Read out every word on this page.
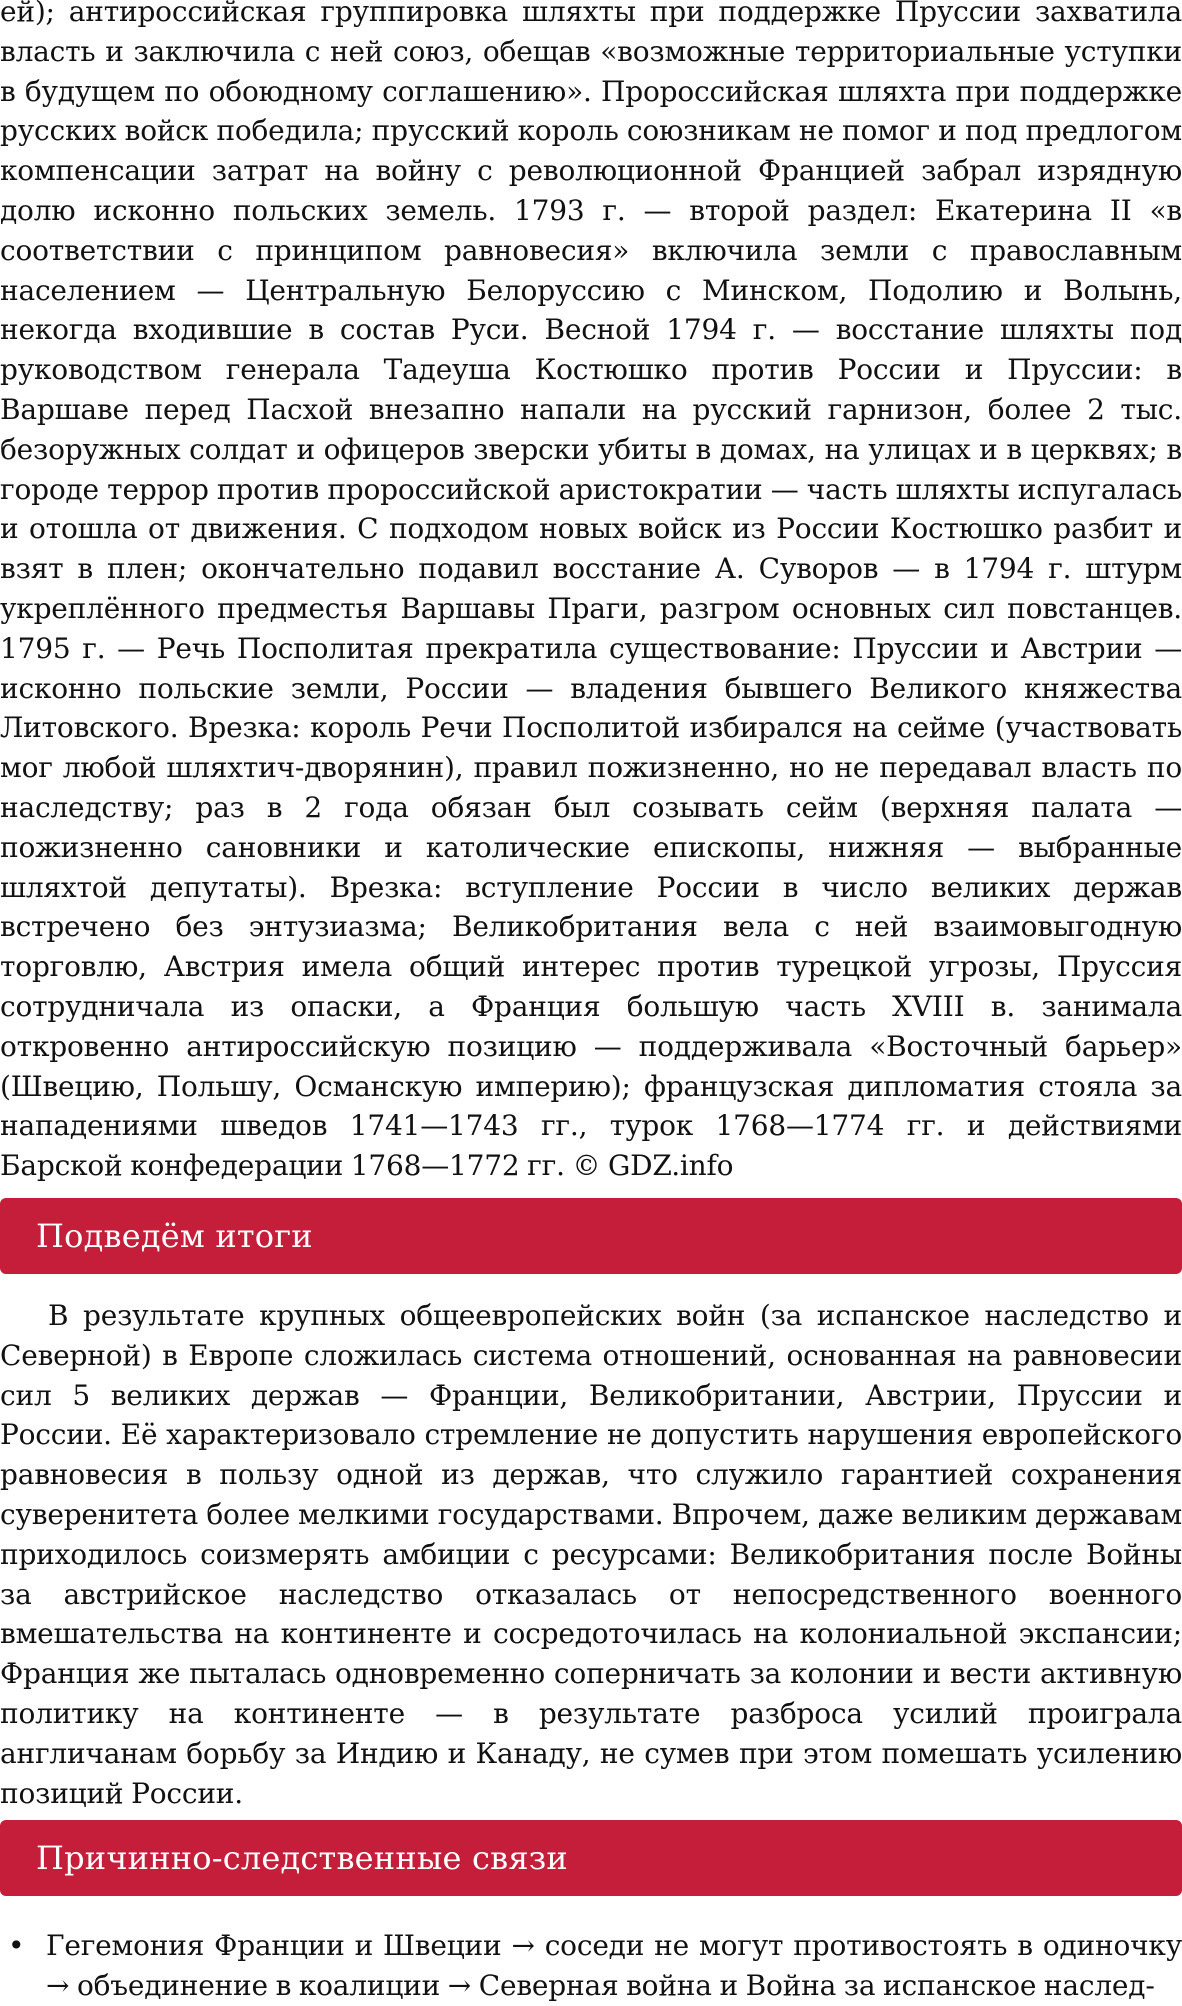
ей); антироссийская группировка шляхты при поддержке Пруссии захватила власть и заключила с ней союз, обещав «возможные территориальные уступки в будущем по обоюдному соглашению». Пророссийская шляхта при поддержке русских войск победила; прусский король союзникам не помог и под предлогом компенсации затрат на войну с революционной Францией забрал изрядную долю исконно польских земель. 1793 г. — второй раздел: Екатерина II «в соответствии с принципом равновесия» включила земли с православным населением — Центральную Белоруссию с Минском, Подолию и Волынь, некогда входившие в состав Руси. Весной 1794 г. — восстание шляхты под руководством генерала Тадеуша Костюшко против России и Пруссии: в Варшаве перед Пасхой внезапно напали на русский гарнизон, более 2 тыс. безоружных солдат и офицеров зверски убиты в домах, на улицах и в церквях; в городе террор против пророссийской аристократии — часть шляхты испугалась и отошла от движения. С подходом новых войск из России Костюшко разбит и взят в плен; окончательно подавил восстание А. Суворов — в 1794 г. штурм укреплённого предместья Варшавы Праги, разгром основных сил повстанцев. 1795 г. — Речь Посполитая прекратила существование: Пруссии и Австрии — исконно польские земли, России — владения бывшего Великого княжества Литовского. Врезка: король Речи Посполитой избирался на сейме (участвовать мог любой шляхтич-дворянин), правил пожизненно, но не передавал власть по наследству; раз в 2 года обязан был созывать сейм (верхняя палата — пожизненно сановники и католические епископы, нижняя — выбранные шляхтой депутаты). Врезка: вступление России в число великих держав встречено без энтузиазма; Великобритания вела с ней взаимовыгодную торговлю, Австрия имела общий интерес против турецкой угрозы, Пруссия сотрудничала из опаски, а Франция большую часть XVIII в. занимала откровенно антироссийскую позицию — поддерживала «Восточный барьер» (Швецию, Польшу, Османскую империю); французская дипломатия стояла за нападениями шведов 1741—1743 гг., турок 1768—1774 гг. и действиями Барской конфедерации 1768—1772 гг. © GDZ.info

Подведём итоги

В результате крупных общеевропейских войн (за испанское наследство и Северной) в Европе сложилась система отношений, основанная на равновесии сил 5 великих держав — Франции, Великобритании, Австрии, Пруссии и России. Её характеризовало стремление не допустить нарушения европейского равновесия в пользу одной из держав, что служило гарантией сохранения суверенитета более мелкими государствами. Впрочем, даже великим державам приходилось соизмерять амбиции с ресурсами: Великобритания после Войны за австрийское наследство отказалась от непосредственного военного вмешательства на континенте и сосредоточилась на колониальной экспансии; Франция же пыталась одновременно соперничать за колонии и вести активную политику на континенте — в результате разброса усилий проиграла англичанам борьбу за Индию и Канаду, не сумев при этом помешать усилению позиций России.

Причинно-следственные связи
• Гегемония Франции и Швеции → соседи не могут противостоять в одиночку → объединение в коалиции → Северная война и Война за испанское наслед-
